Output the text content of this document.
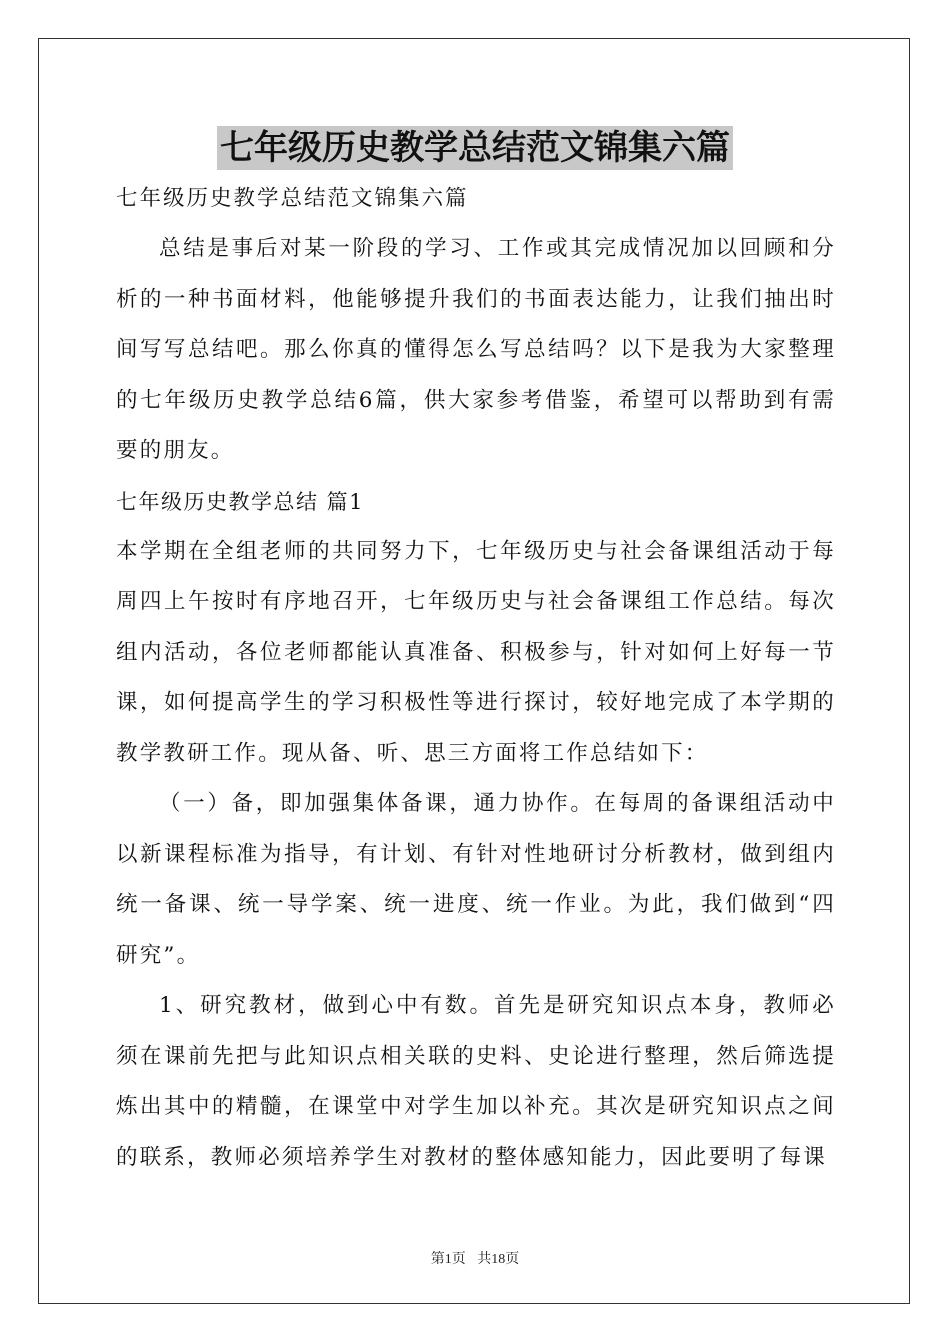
七年级历史教学总结范文锦集六篇

七年级历史教学总结范文锦集六篇

总结是事后对某一阶段的学习、工作或其完成情况加以回顾和分析的一种书面材料，他能够提升我们的书面表达能力，让我们抽出时间写写总结吧。那么你真的懂得怎么写总结吗？以下是我为大家整理的七年级历史教学总结6篇，供大家参考借鉴，希望可以帮助到有需要的朋友。

七年级历史教学总结 篇1

本学期在全组老师的共同努力下，七年级历史与社会备课组活动于每周四上午按时有序地召开，七年级历史与社会备课组工作总结。每次组内活动，各位老师都能认真准备、积极参与，针对如何上好每一节课，如何提高学生的学习积极性等进行探讨，较好地完成了本学期的教学教研工作。现从备、听、思三方面将工作总结如下：

（一）备，即加强集体备课，通力协作。在每周的备课组活动中以新课程标准为指导，有计划、有针对性地研讨分析教材，做到组内统一备课、统一导学案、统一进度、统一作业。为此，我们做到“四研究”。

1、研究教材，做到心中有数。首先是研究知识点本身，教师必须在课前先把与此知识点相关联的史料、史论进行整理，然后筛选提炼出其中的精髓，在课堂中对学生加以补充。其次是研究知识点之间的联系，教师必须培养学生对教材的整体感知能力，因此要明了每课

第1页 共18页
